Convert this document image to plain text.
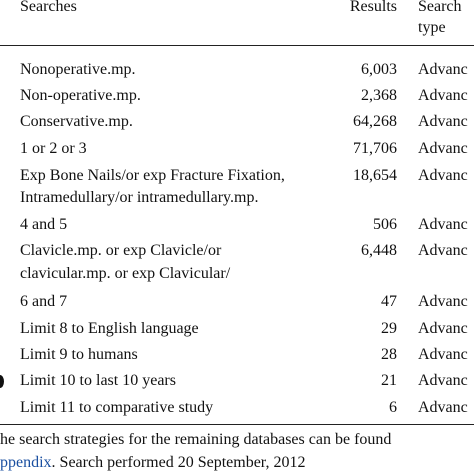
Searches	Results Search
type
Nonoperative.mp.	6,003 Advanc
Non-operative.mp.	2,368 Advanc
Conservative.mp.	64,268 Advanc
1 or 2 or 3	71,706 Advanc
Exp Bone Nails/or exp Fracture Fixation,
Intramedullary/or intramedullary.mp.
18,654 Advanc
4 and 5	506 Advanc
Clavicle.mp. or exp Clavicle/or
clavicular.mp. or exp Clavicular/
6,448 Advanc
6 and 7	47 Advanc
Limit 8 to English language	29 Advanc
Limit 9 to humans	28 Advanc
Limit 10 to last 10 years	21 Advanc
Limit 11 to comparative study	6 Advanc
he search strategies for the remaining databases can be found
ppendix. Search performed 20 September, 2012
